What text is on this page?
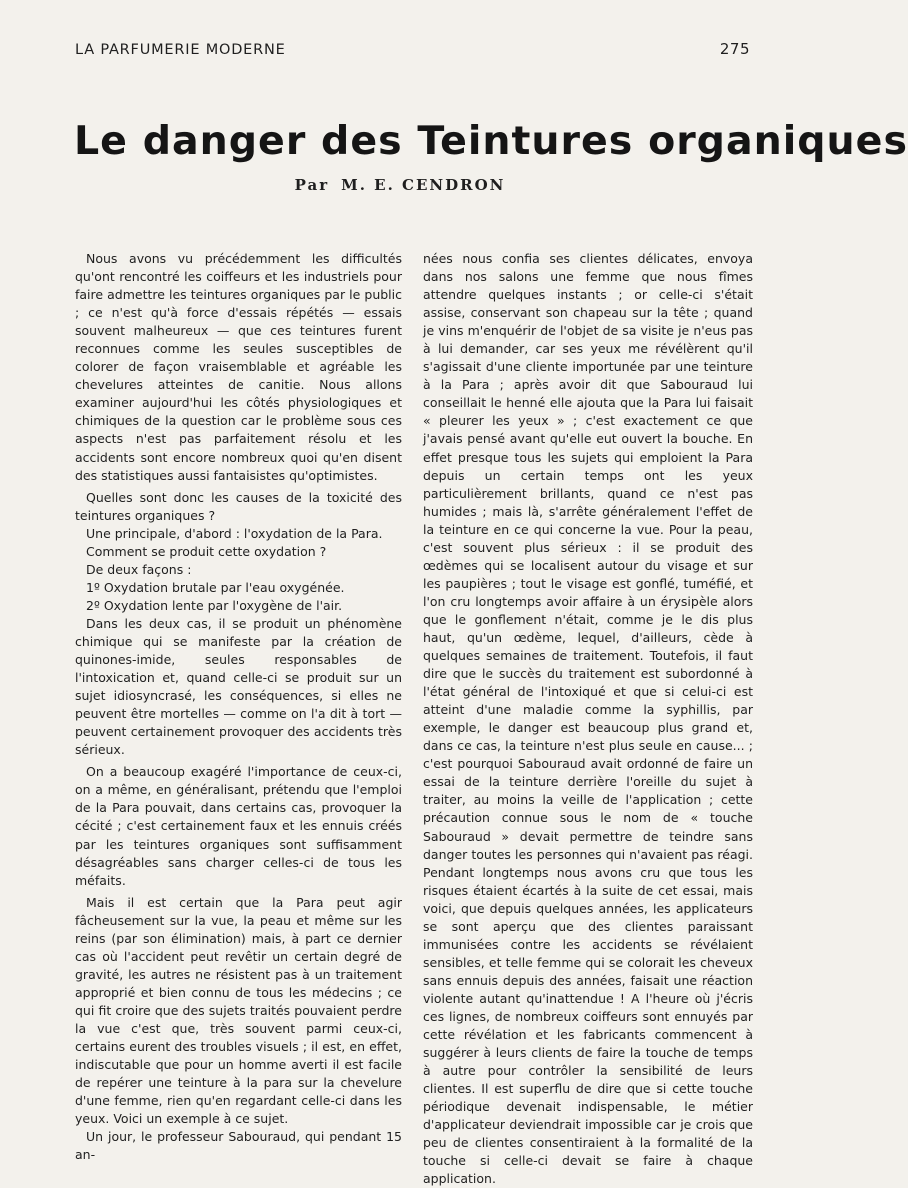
LA PARFUMERIE MODERNE	275
Le danger des Teintures organiques
Par M. E. CENDRON

Nous avons vu précédemment les difficultés qu'ont rencontré les coiffeurs et les industriels pour faire admettre les teintures organiques par le public ; ce n'est qu'à force d'essais répétés — essais souvent malheureux — que ces teintures furent reconnues comme les seules susceptibles de colorer de façon vraisemblable et agréable les chevelures atteintes de canitie. Nous allons examiner aujourd'hui les côtés physiologiques et chimiques de la question car le problème sous ces aspects n'est pas parfaitement résolu et les accidents sont encore nombreux quoi qu'en disent des statistiques aussi fantaisistes qu'optimistes.

Quelles sont donc les causes de la toxicité des teintures organiques ?

Une principale, d'abord : l'oxydation de la Para.

Comment se produit cette oxydation ?

De deux façons :

1º Oxydation brutale par l'eau oxygénée.

2º Oxydation lente par l'oxygène de l'air.

Dans les deux cas, il se produit un phénomène chimique qui se manifeste par la création de quinones-imide, seules responsables de l'intoxication et, quand celle-ci se produit sur un sujet idiosyncrasé, les conséquences, si elles ne peuvent être mortelles — comme on l'a dit à tort — peuvent certainement provoquer des accidents très sérieux.

On a beaucoup exagéré l'importance de ceux-ci, on a même, en généralisant, prétendu que l'emploi de la Para pouvait, dans certains cas, provoquer la cécité ; c'est certainement faux et les ennuis créés par les teintures organiques sont suffisamment désagréables sans charger celles-ci de tous les méfaits.

Mais il est certain que la Para peut agir fâcheusement sur la vue, la peau et même sur les reins (par son élimination) mais, à part ce dernier cas où l'accident peut revêtir un certain degré de gravité, les autres ne résistent pas à un traitement approprié et bien connu de tous les médecins ; ce qui fit croire que des sujets traités pouvaient perdre la vue c'est que, très souvent parmi ceux-ci, certains eurent des troubles visuels ; il est, en effet, indiscutable que pour un homme averti il est facile de repérer une teinture à la para sur la chevelure d'une femme, rien qu'en regardant celle-ci dans les yeux. Voici un exemple à ce sujet.

Un jour, le professeur Sabouraud, qui pendant 15 an-

nées nous confia ses clientes délicates, envoya dans nos salons une femme que nous fîmes attendre quelques instants ; or celle-ci s'était assise, conservant son chapeau sur la tête ; quand je vins m'enquérir de l'objet de sa visite je n'eus pas à lui demander, car ses yeux me révélèrent qu'il s'agissait d'une cliente importunée par une teinture à la Para ; après avoir dit que Sabouraud lui conseillait le henné elle ajouta que la Para lui faisait « pleurer les yeux » ; c'est exactement ce que j'avais pensé avant qu'elle eut ouvert la bouche. En effet presque tous les sujets qui emploient la Para depuis un certain temps ont les yeux particulièrement brillants, quand ce n'est pas humides ; mais là, s'arrête généralement l'effet de la teinture en ce qui concerne la vue. Pour la peau, c'est souvent plus sérieux : il se produit des œdèmes qui se localisent autour du visage et sur les paupières ; tout le visage est gonflé, tuméfié, et l'on cru longtemps avoir affaire à un érysipèle alors que le gonflement n'était, comme je le dis plus haut, qu'un œdème, lequel, d'ailleurs, cède à quelques semaines de traitement. Toutefois, il faut dire que le succès du traitement est subordonné à l'état général de l'intoxiqué et que si celui-ci est atteint d'une maladie comme la syphillis, par exemple, le danger est beaucoup plus grand et, dans ce cas, la teinture n'est plus seule en cause... ; c'est pourquoi Sabouraud avait ordonné de faire un essai de la teinture derrière l'oreille du sujet à traiter, au moins la veille de l'application ; cette précaution connue sous le nom de « touche Sabouraud » devait permettre de teindre sans danger toutes les personnes qui n'avaient pas réagi. Pendant longtemps nous avons cru que tous les risques étaient écartés à la suite de cet essai, mais voici, que depuis quelques années, les applicateurs se sont aperçu que des clientes paraissant immunisées contre les accidents se révélaient sensibles, et telle femme qui se colorait les cheveux sans ennuis depuis des années, faisait une réaction violente autant qu'inattendue ! A l'heure où j'écris ces lignes, de nombreux coiffeurs sont ennuyés par cette révélation et les fabricants commencent à suggérer à leurs clients de faire la touche de temps à autre pour contrôler la sensibilité de leurs clientes. Il est superflu de dire que si cette touche périodique devenait indispensable, le métier d'applicateur deviendrait impossible car je crois que peu de clientes consentiraient à la formalité de la touche si celle-ci devait se faire à chaque application.
